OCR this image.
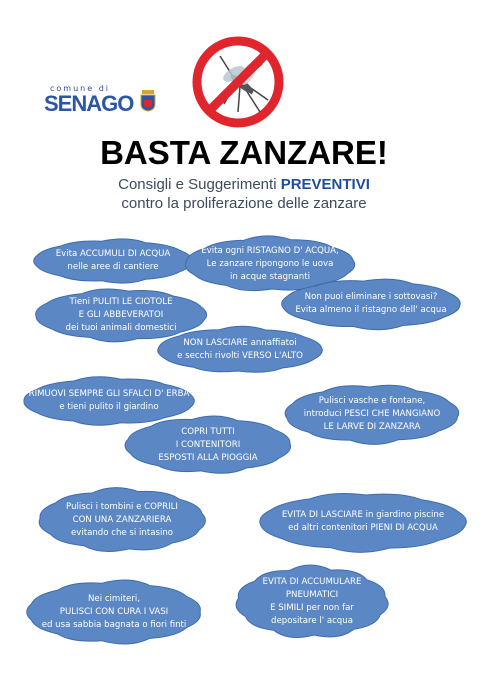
comune di
SENAGO
BASTA ZANZARE!
Consigli e Suggerimenti PREVENTIVI
contro la proliferazione delle zanzare
Evita ACCUMULI DI ACQUA
nelle aree di cantiere
Evita ogni RISTAGNO D' ACQUA,
Le zanzare ripongono le uova
in acque stagnanti
Tieni PULITI LE CIOTOLE
E GLI ABBEVERATOI
dei tuoi animali domestici
Non puoi eliminare i sottovasi?
Evita almeno il ristagno dell' acqua
NON LASCIARE annaffiatoi
e secchi rivolti VERSO L'ALTO
RIMUOVI SEMPRE GLI SFALCI D' ERBA
e tieni pulito il giardino
Pulisci vasche e fontane,
introduci PESCI CHE MANGIANO
LE LARVE DI ZANZARA
COPRI TUTTI
I CONTENITORI
ESPOSTI ALLA PIOGGIA
Pulisci i tombini e COPRILI
CON UNA ZANZARIERA
evitando che si intasino
EVITA DI LASCIARE in giardino piscine
ed altri contenitori PIENI DI ACQUA
Nei cimiteri,
PULISCI CON CURA I VASI
ed usa sabbia bagnata o fiori finti
EVITA DI ACCUMULARE
PNEUMATICI
E SIMILI per non far
depositare l' acqua
